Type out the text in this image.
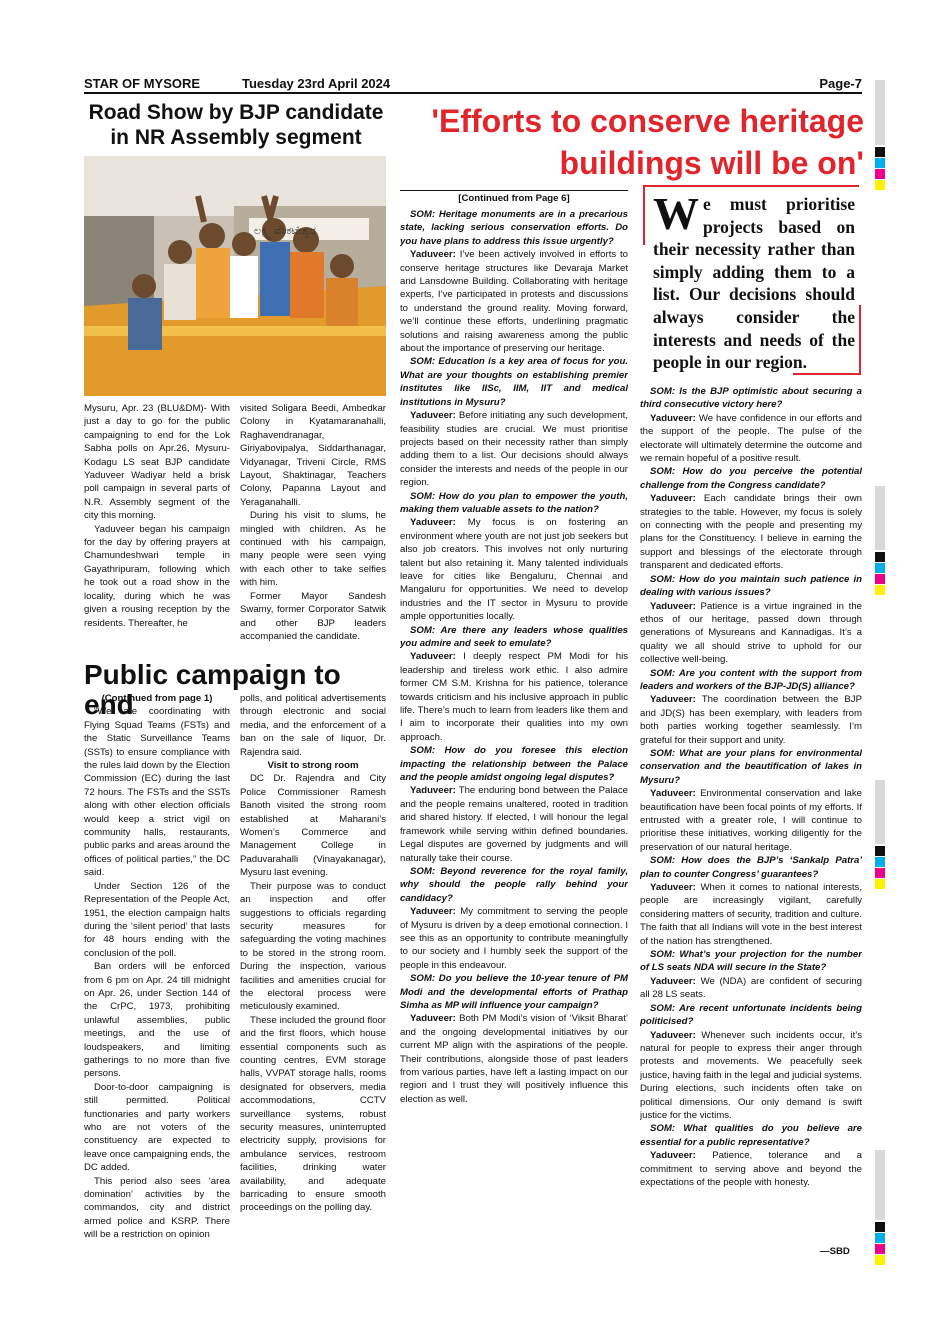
STAR OF MYSORE	Tuesday 23rd April 2024	Page-7
Road Show by BJP candidate in NR Assembly segment
ಲಕ್ಷ್ಮಿ ವೆಂಕಟೇಶ್ವರ

Mysuru, Apr. 23 (BLU&DM)- With just a day to go for the public campaigning to end for the Lok Sabha polls on Apr.26, Mysuru-Kodagu LS seat BJP candidate Yaduveer Wadiyar held a brisk poll campaign in several parts of N.R. Assembly segment of the city this morning.

Yaduveer began his campaign for the day by offering prayers at Chamundeshwari temple in Gayathripuram, following which he took out a road show in the locality, during which he was given a rousing reception by the residents. Thereafter, he

visited Soligara Beedi, Ambedkar Colony in Kyatamaranahalli, Raghavendranagar, Giriyabovipalya, Siddarthanagar, Vidyanagar, Triveni Circle, RMS Layout, Shaktinagar, Teachers Colony, Papanna Layout and Yeraganahalli.

During his visit to slums, he mingled with children. As he continued with his campaign, many people were seen vying with each other to take selfies with him.

Former Mayor Sandesh Swamy, former Corporator Satwik and other BJP leaders accompanied the candidate.

Public campaign to end

(Continued from page 1)

“We are coordinating with Flying Squad Teams (FSTs) and the Static Surveillance Teams (SSTs) to ensure compliance with the rules laid down by the Election Commission (EC) during the last 72 hours. The FSTs and the SSTs along with other election officials would keep a strict vigil on community halls, restaurants, public parks and areas around the offices of political parties,” the DC said.

Under Section 126 of the Representation of the People Act, 1951, the election campaign halts during the ‘silent period’ that lasts for 48 hours ending with the conclusion of the poll.

Ban orders will be enforced from 6 pm on Apr. 24 till midnight on Apr. 26, under Section 144 of the CrPC, 1973, prohibiting unlawful assemblies, public meetings, and the use of loudspeakers, and limiting gatherings to no more than five persons.

Door-to-door campaigning is still permitted. Political functionaries and party workers who are not voters of the constituency are expected to leave once campaigning ends, the DC added.

This period also sees ‘area domination’ activities by the commandos, city and district armed police and KSRP. There will be a restriction on opinion

polls, and political advertisements through electronic and social media, and the enforcement of a ban on the sale of liquor, Dr. Rajendra said.

Visit to strong room

DC Dr. Rajendra and City Police Commissioner Ramesh Banoth visited the strong room established at Maharani’s Women’s Commerce and Management College in Paduvarahalli (Vinayakanagar), Mysuru last evening.

Their purpose was to conduct an inspection and offer suggestions to officials regarding security measures for safeguarding the voting machines to be stored in the strong room. During the inspection, various facilities and amenities crucial for the electoral process were meticulously examined.

These included the ground floor and the first floors, which house essential components such as counting centres, EVM storage halls, VVPAT storage halls, rooms designated for observers, media accommodations, CCTV surveillance systems, robust security measures, uninterrupted electricity supply, provisions for ambulance services, restroom facilities, drinking water availability, and adequate barricading to ensure smooth proceedings on the polling day.

'Efforts to conserve heritage
buildings will be on'
[Continued from Page 6]

SOM: Heritage monuments are in a precarious state, lacking serious conservation efforts. Do you have plans to address this issue urgently?

Yaduveer: I’ve been actively involved in efforts to conserve heritage structures like Devaraja Market and Lansdowne Building. Collaborating with heritage experts, I’ve participated in protests and discussions to understand the ground reality. Moving forward, we’ll continue these efforts, underlining pragmatic solutions and raising awareness among the public about the importance of preserving our heritage.

SOM: Education is a key area of focus for you. What are your thoughts on establishing premier institutes like IISc, IIM, IIT and medical institutions in Mysuru?

Yaduveer: Before initiating any such development, feasibility studies are crucial. We must prioritise projects based on their necessity rather than simply adding them to a list. Our decisions should always consider the interests and needs of the people in our region.

SOM: How do you plan to empower the youth, making them valuable assets to the nation?

Yaduveer: My focus is on fostering an environment where youth are not just job seekers but also job creators. This involves not only nurturing talent but also retaining it. Many talented individuals leave for cities like Bengaluru, Chennai and Mangaluru for opportunities. We need to develop industries and the IT sector in Mysuru to provide ample opportunities locally.

SOM: Are there any leaders whose qualities you admire and seek to emulate?

Yaduveer: I deeply respect PM Modi for his leadership and tireless work ethic. I also admire former CM S.M. Krishna for his patience, tolerance towards criticism and his inclusive approach in public life. There’s much to learn from leaders like them and I aim to incorporate their qualities into my own approach.

SOM: How do you foresee this election impacting the relationship between the Palace and the people amidst ongoing legal disputes?

Yaduveer: The enduring bond between the Palace and the people remains unaltered, rooted in tradition and shared history. If elected, I will honour the legal framework while serving within defined boundaries. Legal disputes are governed by judgments and will naturally take their course.

SOM: Beyond reverence for the royal family, why should the people rally behind your candidacy?

Yaduveer: My commitment to serving the people of Mysuru is driven by a deep emotional connection. I see this as an opportunity to contribute meaningfully to our society and I humbly seek the support of the people in this endeavour.

SOM: Do you believe the 10-year tenure of PM Modi and the developmental efforts of Prathap Simha as MP will influence your campaign?

Yaduveer: Both PM Modi’s vision of ‘Viksit Bharat’ and the ongoing developmental initiatives by our current MP align with the aspirations of the people. Their contributions, alongside those of past leaders from various parties, have left a lasting impact on our region and I trust they will positively influence this election as well.

We must prioritise projects based on their necessity rather than simply adding them to a list. Our decisions should always consider the interests and needs of the people in our region.

SOM: Is the BJP optimistic about securing a third consecutive victory here?

Yaduveer: We have confidence in our efforts and the support of the people. The pulse of the electorate will ultimately determine the outcome and we remain hopeful of a positive result.

SOM: How do you perceive the potential challenge from the Congress candidate?

Yaduveer: Each candidate brings their own strategies to the table. However, my focus is solely on connecting with the people and presenting my plans for the Constituency. I believe in earning the support and blessings of the electorate through transparent and dedicated efforts.

SOM: How do you maintain such patience in dealing with various issues?

Yaduveer: Patience is a virtue ingrained in the ethos of our heritage, passed down through generations of Mysureans and Kannadigas. It’s a quality we all should strive to uphold for our collective well-being.

SOM: Are you content with the support from leaders and workers of the BJP-JD(S) alliance?

Yaduveer: The coordination between the BJP and JD(S) has been exemplary, with leaders from both parties working together seamlessly. I’m grateful for their support and unity.

SOM: What are your plans for environmental conservation and the beautification of lakes in Mysuru?

Yaduveer: Environmental conservation and lake beautification have been focal points of my efforts. If entrusted with a greater role, I will continue to prioritise these initiatives, working diligently for the preservation of our natural heritage.

SOM: How does the BJP’s ‘Sankalp Patra’ plan to counter Congress’ guarantees?

Yaduveer: When it comes to national interests, people are increasingly vigilant, carefully considering matters of security, tradition and culture. The faith that all Indians will vote in the best interest of the nation has strengthened.

SOM: What’s your projection for the number of LS seats NDA will secure in the State?

Yaduveer: We (NDA) are confident of securing all 28 LS seats.

SOM: Are recent unfortunate incidents being politicised?

Yaduveer: Whenever such incidents occur, it’s natural for people to express their anger through protests and movements. We peacefully seek justice, having faith in the legal and judicial systems. During elections, such incidents often take on political dimensions. Our only demand is swift justice for the victims.

SOM: What qualities do you believe are essential for a public representative?

Yaduveer: Patience, tolerance and a commitment to serving above and beyond the expectations of the people with honesty.

—SBD
